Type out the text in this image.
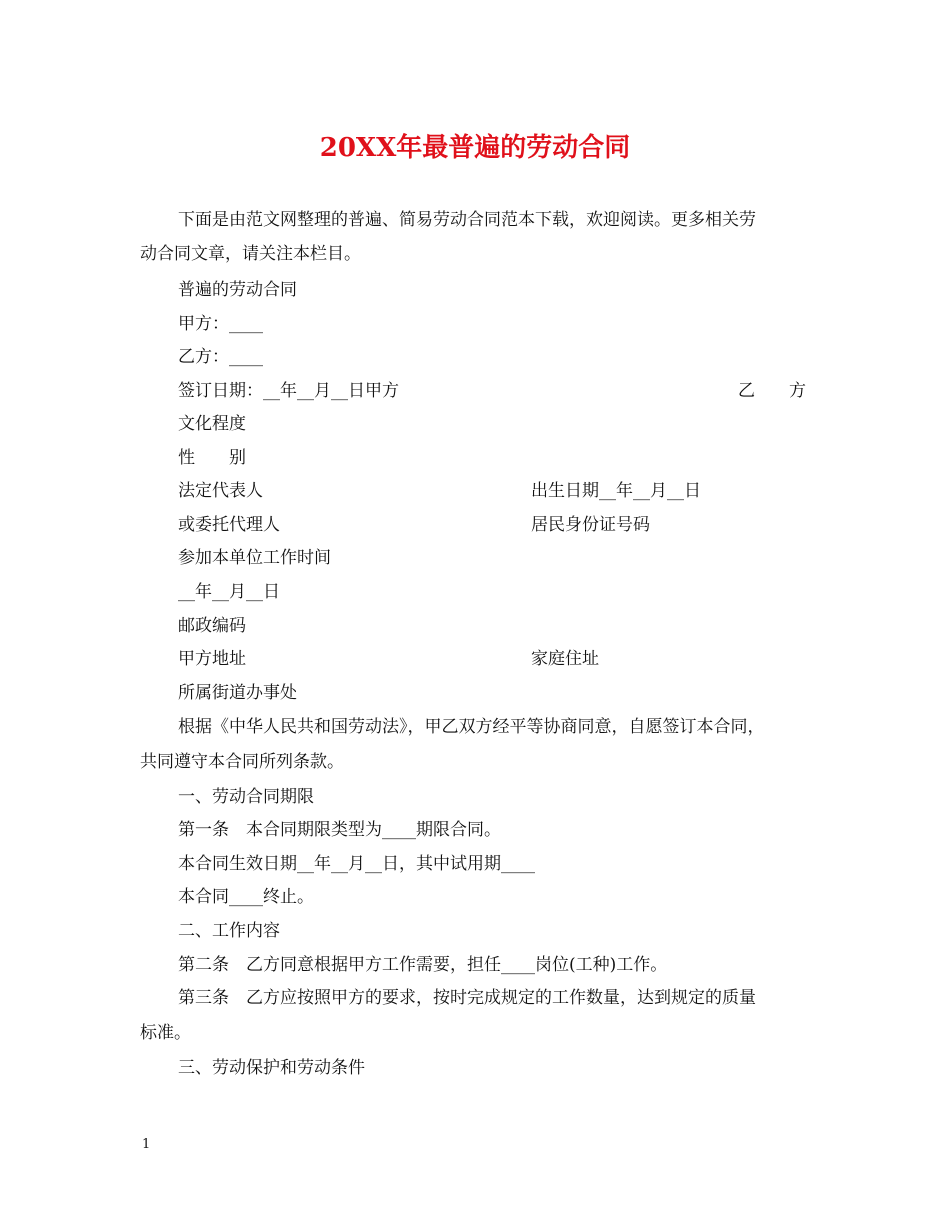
20XX年最普遍的劳动合同
下面是由范文网整理的普遍、简易劳动合同范本下载，欢迎阅读。更多相关劳
动合同文章，请关注本栏目。
普遍的劳动合同
甲方：____
乙方：____
签订日期：__年__月__日甲方	乙　　方
文化程度
性　　别
法定代表人	出生日期__年__月__日
或委托代理人	居民身份证号码
参加本单位工作时间
__年__月__日
邮政编码
甲方地址	家庭住址
所属街道办事处
根据《中华人民共和国劳动法》，甲乙双方经平等协商同意，自愿签订本合同，
共同遵守本合同所列条款。
一、劳动合同期限
第一条　本合同期限类型为____期限合同。
本合同生效日期__年__月__日，其中试用期____
本合同____终止。
二、工作内容
第二条　乙方同意根据甲方工作需要，担任____岗位(工种)工作。
第三条　乙方应按照甲方的要求，按时完成规定的工作数量，达到规定的质量
标准。
三、劳动保护和劳动条件
1
